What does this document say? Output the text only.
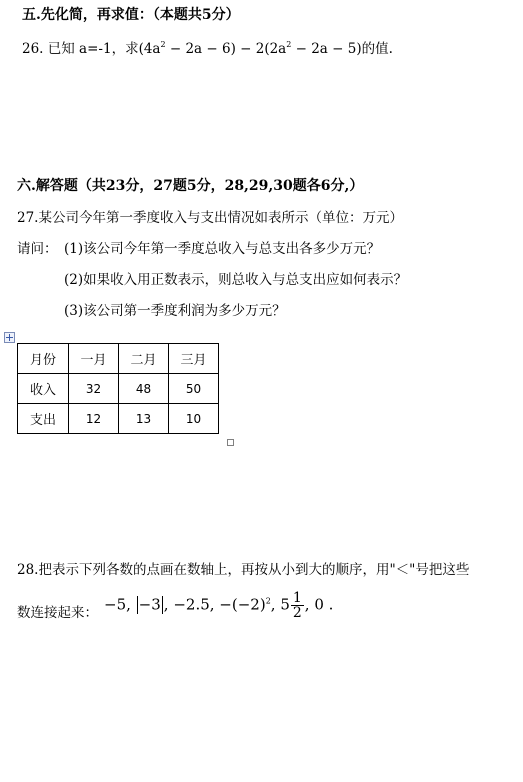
五.先化简，再求值：（本题共5分）
26. 已知 a=-1，求$(4a^2 - 2a - 6) - 2(2a^2 - 2a - 5)$的值.
六.解答题（共23分，27题5分，28,29,30题各6分,）
27.某公司今年第一季度收入与支出情况如表所示（单位：万元）
请问： (1)该公司今年第一季度总收入与总支出各多少万元？
(2)如果收入用正数表示，则总收入与总支出应如何表示？
(3)该公司第一季度利润为多少万元？
月份	一月	二月	三月
收入	32	48	50
支出	12	13	10
28.把表示下列各数的点画在数轴上，再按从小到大的顺序，用"＜"号把这些
数连接起来： −5, −3 , −2.5, $-(-2)^2$, $5 \frac{1}{2}$ , 0 .
